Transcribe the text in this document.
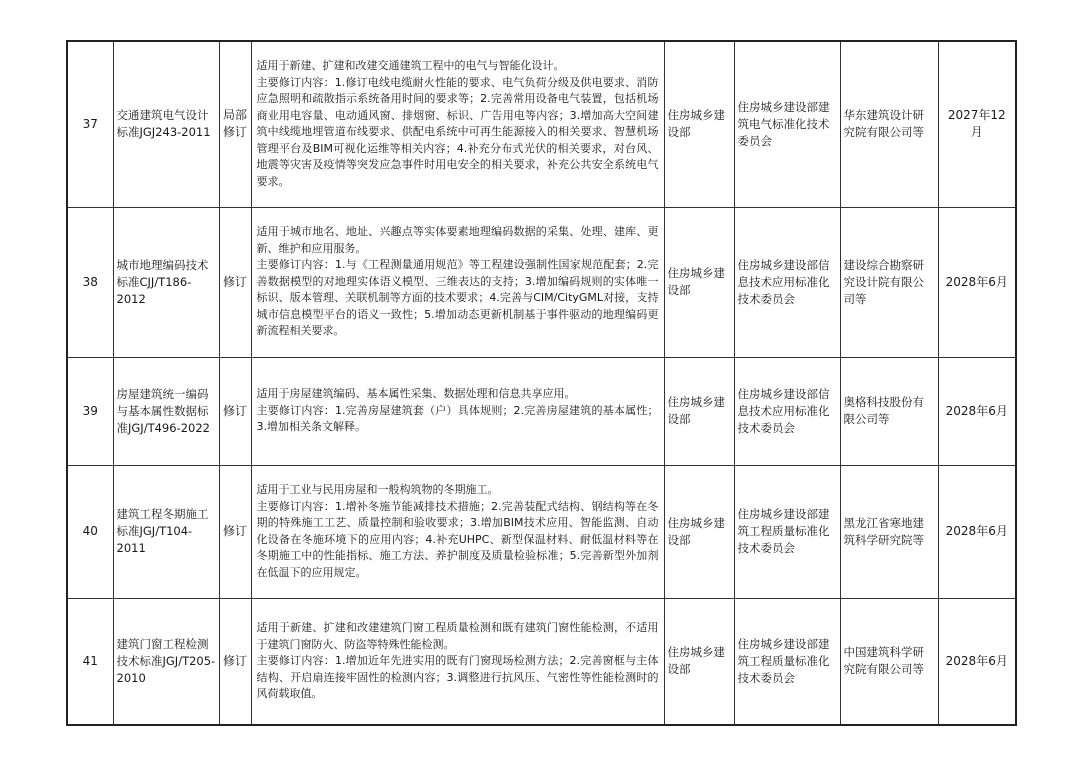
37	交通建筑电气设计标准JGJ243-2011	局部修订	适用于新建、扩建和改建交通建筑工程中的电气与智能化设计。
主要修订内容：1.修订电线电缆耐火性能的要求、电气负荷分级及供电要求、消防应急照明和疏散指示系统备用时间的要求等；2.完善常用设备电气装置，包括机场商业用电容量、电动通风窗、排烟窗、标识、广告用电等内容；3.增加高大空间建筑中线缆地埋管道布线要求、供配电系统中可再生能源接入的相关要求、智慧机场管理平台及BIM可视化运维等相关内容；4.补充分布式光伏的相关要求，对台风、地震等灾害及疫情等突发应急事件时用电安全的相关要求，补充公共安全系统电气要求。	住房城乡建设部	住房城乡建设部建筑电气标准化技术委员会	华东建筑设计研究院有限公司等	2027年12月

38	城市地理编码技术标准CJJ/T186-2012	修订	适用于城市地名、地址、兴趣点等实体要素地理编码数据的采集、处理、建库、更新、维护和应用服务。
主要修订内容：1.与《工程测量通用规范》等工程建设强制性国家规范配套；2.完善数据模型的对地理实体语义模型、三维表达的支持；3.增加编码规则的实体唯一标识、版本管理、关联机制等方面的技术要求；4.完善与CIM/CityGML对接，支持城市信息模型平台的语义一致性；5.增加动态更新机制基于事件驱动的地理编码更新流程相关要求。	住房城乡建设部	住房城乡建设部信息技术应用标准化技术委员会	建设综合勘察研究设计院有限公司等	2028年6月

39	房屋建筑统一编码与基本属性数据标准JGJ/T496-2022	修订	适用于房屋建筑编码、基本属性采集、数据处理和信息共享应用。
主要修订内容：1.完善房屋建筑套（户）具体规则；2.完善房屋建筑的基本属性；3.增加相关条文解释。	住房城乡建设部	住房城乡建设部信息技术应用标准化技术委员会	奥格科技股份有限公司等	2028年6月

40	建筑工程冬期施工标准JGJ/T104-2011	修订	适用于工业与民用房屋和一般构筑物的冬期施工。
主要修订内容：1.增补冬施节能减排技术措施；2.完善装配式结构、钢结构等在冬期的特殊施工工艺、质量控制和验收要求；3.增加BIM技术应用、智能监测、自动化设备在冬施环境下的应用内容；4.补充UHPC、新型保温材料、耐低温材料等在冬期施工中的性能指标、施工方法、养护制度及质量检验标准；5.完善新型外加剂在低温下的应用规定。	住房城乡建设部	住房城乡建设部建筑工程质量标准化技术委员会	黑龙江省寒地建筑科学研究院等	2028年6月

41	建筑门窗工程检测技术标准JGJ/T205-2010	修订	适用于新建、扩建和改建建筑门窗工程质量检测和既有建筑门窗性能检测，不适用于建筑门窗防火、防盗等特殊性能检测。
主要修订内容：1.增加近年先进实用的既有门窗现场检测方法；2.完善窗框与主体结构、开启扇连接牢固性的检测内容；3.调整进行抗风压、气密性等性能检测时的风荷载取值。	住房城乡建设部	住房城乡建设部建筑工程质量标准化技术委员会	中国建筑科学研究院有限公司等	2028年6月
